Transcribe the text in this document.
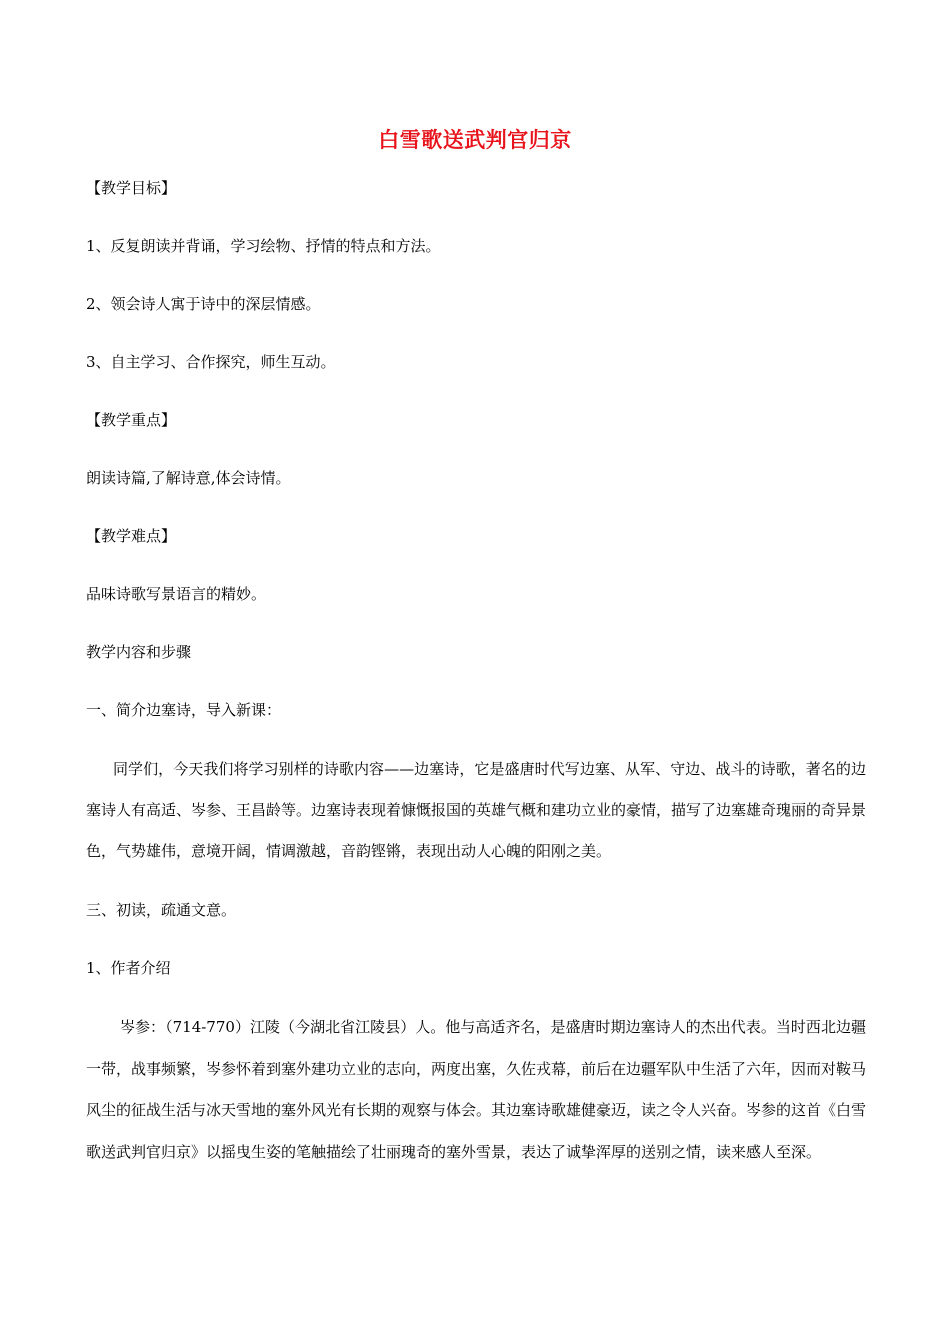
白雪歌送武判官归京
【教学目标】
1、反复朗读并背诵，学习绘物、抒情的特点和方法。
2、领会诗人寓于诗中的深层情感。
3、自主学习、合作探究，师生互动。
【教学重点】
朗读诗篇,了解诗意,体会诗情。
【教学难点】
品味诗歌写景语言的精妙。
教学内容和步骤
一、简介边塞诗，导入新课：
同学们，今天我们将学习别样的诗歌内容——边塞诗，它是盛唐时代写边塞、从军、守边、战斗的诗歌，著名的边塞诗人有高适、岑参、王昌龄等。边塞诗表现着慷慨报国的英雄气概和建功立业的豪情，描写了边塞雄奇瑰丽的奇异景色，气势雄伟，意境开阔，情调激越，音韵铿锵，表现出动人心魄的阳刚之美。
三、初读，疏通文意。
1、作者介绍
岑参：（714-770）江陵（今湖北省江陵县）人。他与高适齐名，是盛唐时期边塞诗人的杰出代表。当时西北边疆一带，战事频繁，岑参怀着到塞外建功立业的志向，两度出塞，久佐戎幕，前后在边疆军队中生活了六年，因而对鞍马风尘的征战生活与冰天雪地的塞外风光有长期的观察与体会。其边塞诗歌雄健豪迈，读之令人兴奋。岑参的这首《白雪歌送武判官归京》以摇曳生姿的笔触描绘了壮丽瑰奇的塞外雪景，表达了诚挚浑厚的送别之情，读来感人至深。
